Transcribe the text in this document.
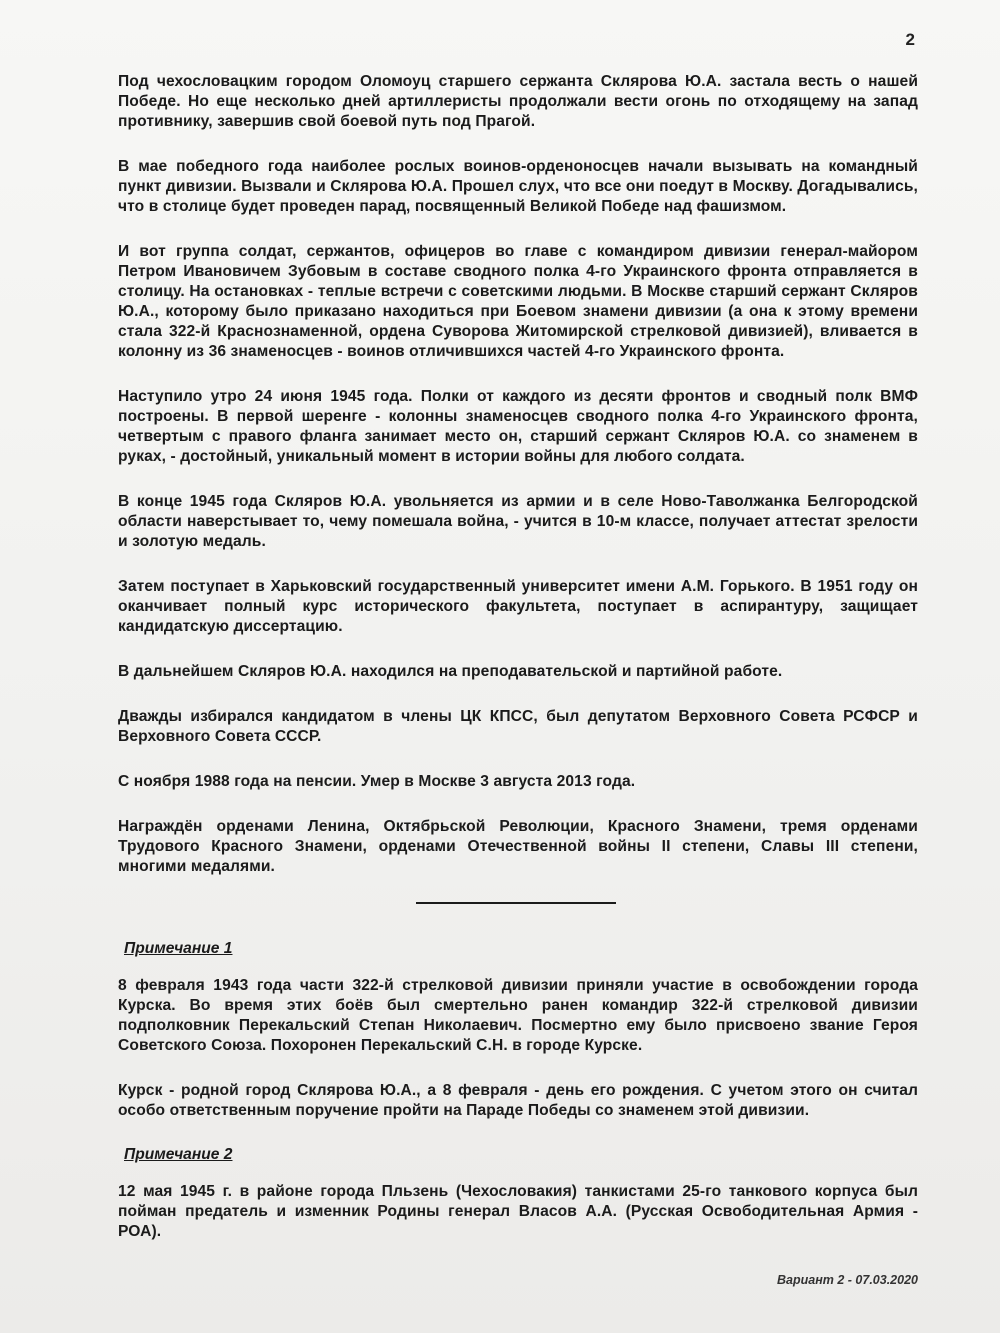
2

Под чехословацким городом Оломоуц старшего сержанта Склярова Ю.А. застала весть о нашей Победе. Но еще несколько дней артиллеристы продолжали вести огонь по отходящему на запад противнику, завершив свой боевой путь под Прагой.

В мае победного года наиболее рослых воинов-орденоносцев начали вызывать на командный пункт дивизии. Вызвали и Склярова Ю.А. Прошел слух, что все они поедут в Москву. Догадывались, что в столице будет проведен парад, посвященный Великой Победе над фашизмом.

И вот группа солдат, сержантов, офицеров во главе с командиром дивизии генерал-майором Петром Ивановичем Зубовым в составе сводного полка 4-го Украинского фронта отправляется в столицу. На остановках - теплые встречи с советскими людьми. В Москве старший сержант Скляров Ю.А., которому было приказано находиться при Боевом знамени дивизии (а она к этому времени стала 322-й Краснознаменной, ордена Суворова Житомирской стрелковой дивизией), вливается в колонну из 36 знаменосцев - воинов отличившихся частей 4-го Украинского фронта.

Наступило утро 24 июня 1945 года. Полки от каждого из десяти фронтов и сводный полк ВМФ построены. В первой шеренге - колонны знаменосцев сводного полка 4-го Украинского фронта, четвертым с правого фланга занимает место он, старший сержант Скляров Ю.А. со знаменем в руках, - достойный, уникальный момент в истории войны для любого солдата.

В конце 1945 года Скляров Ю.А. увольняется из армии и в селе Ново-Таволжанка Белгородской области наверстывает то, чему помешала война, - учится в 10-м классе, получает аттестат зрелости и золотую медаль.

Затем поступает в Харьковский государственный университет имени А.М. Горького. В 1951 году он оканчивает полный курс исторического факультета, поступает в аспирантуру, защищает кандидатскую диссертацию.

В дальнейшем Скляров Ю.А. находился на преподавательской и партийной работе.

Дважды избирался кандидатом в члены ЦК КПСС, был депутатом Верховного Совета РСФСР и Верховного Совета СССР.

С ноября 1988 года на пенсии. Умер в Москве 3 августа 2013 года.

Награждён орденами Ленина, Октябрьской Революции, Красного Знамени, тремя орденами Трудового Красного Знамени, орденами Отечественной войны II степени, Славы III степени, многими медалями.

Примечание 1

8 февраля 1943 года части 322-й стрелковой дивизии приняли участие в освобождении города Курска. Во время этих боёв был смертельно ранен командир 322-й стрелковой дивизии подполковник Перекальский Степан Николаевич. Посмертно ему было присвоено звание Героя Советского Союза. Похоронен Перекальский С.Н. в городе Курске.

Курск - родной город Склярова Ю.А., а 8 февраля - день его рождения. С учетом этого он считал особо ответственным поручение пройти на Параде Победы со знаменем этой дивизии.

Примечание 2

12 мая 1945 г. в районе города Пльзень (Чехословакия) танкистами 25-го танкового корпуса был пойман предатель и изменник Родины генерал Власов А.А. (Русская Освободительная Армия - РОА).

Вариант 2 - 07.03.2020
